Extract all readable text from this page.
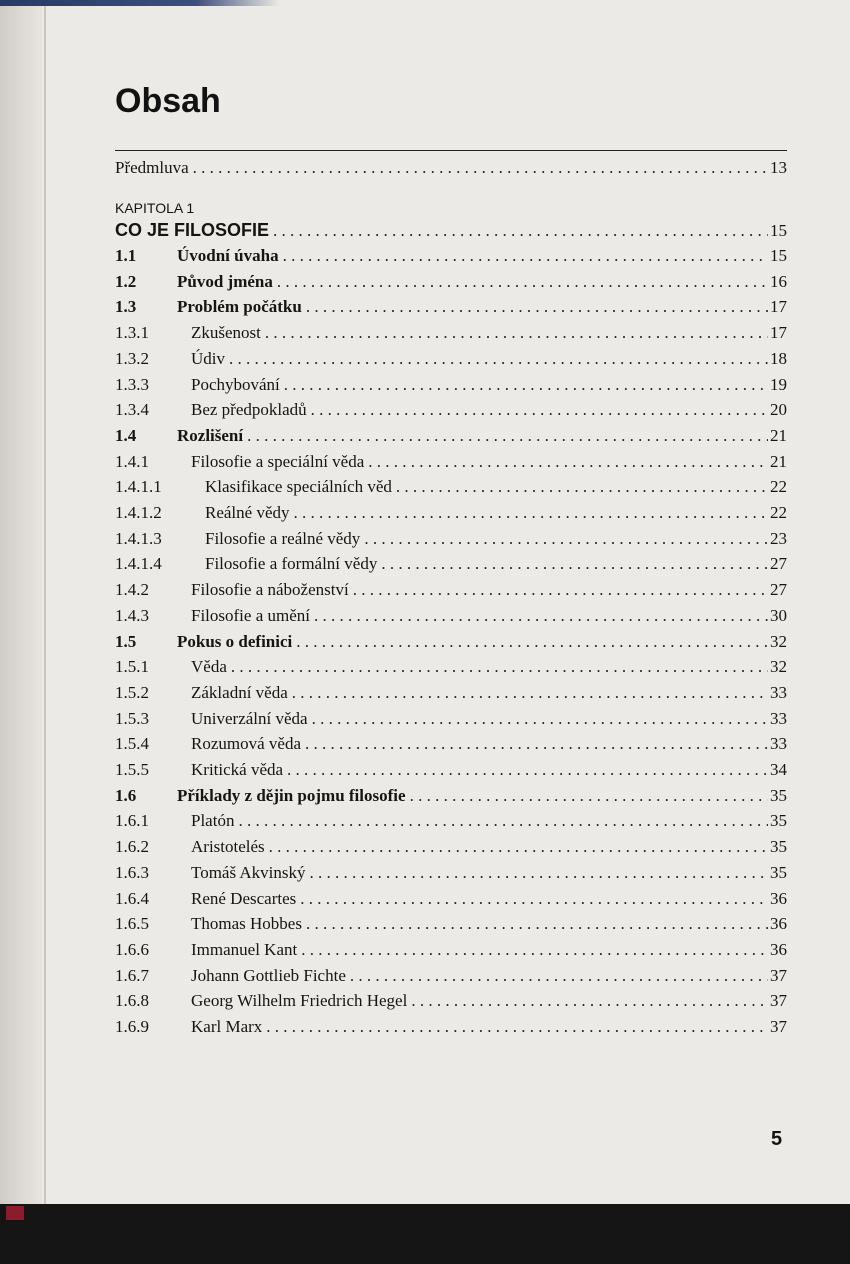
Obsah
Předmluva . . .	13
KAPITOLA 1
CO JE FILOSOFIE . . .	15
1.1	Úvodní úvaha . . .	15
1.2	Původ jména . . .	16
1.3	Problém počátku . . .	17
1.3.1	Zkušenost . . .	17
1.3.2	Údiv . . .	18
1.3.3	Pochybování . . .	19
1.3.4	Bez předpokladů . . .	20
1.4	Rozlišení . . .	21
1.4.1	Filosofie a speciální věda . . .	21
1.4.1.1	Klasifikace speciálních věd . . .	22
1.4.1.2	Reálné vědy . . .	22
1.4.1.3	Filosofie a reálné vědy . . .	23
1.4.1.4	Filosofie a formální vědy . . .	27
1.4.2	Filosofie a náboženství . . .	27
1.4.3	Filosofie a umění . . .	30
1.5	Pokus o definici . . .	32
1.5.1	Věda . . .	32
1.5.2	Základní věda . . .	33
1.5.3	Univerzální věda . . .	33
1.5.4	Rozumová věda . . .	33
1.5.5	Kritická věda . . .	34
1.6	Příklady z dějin pojmu filosofie . . .	35
1.6.1	Platón . . .	35
1.6.2	Aristotelés . . .	35
1.6.3	Tomáš Akvinský . . .	35
1.6.4	René Descartes . . .	36
1.6.5	Thomas Hobbes . . .	36
1.6.6	Immanuel Kant . . .	36
1.6.7	Johann Gottlieb Fichte . . .	37
1.6.8	Georg Wilhelm Friedrich Hegel . . .	37
1.6.9	Karl Marx . . .	37
5
